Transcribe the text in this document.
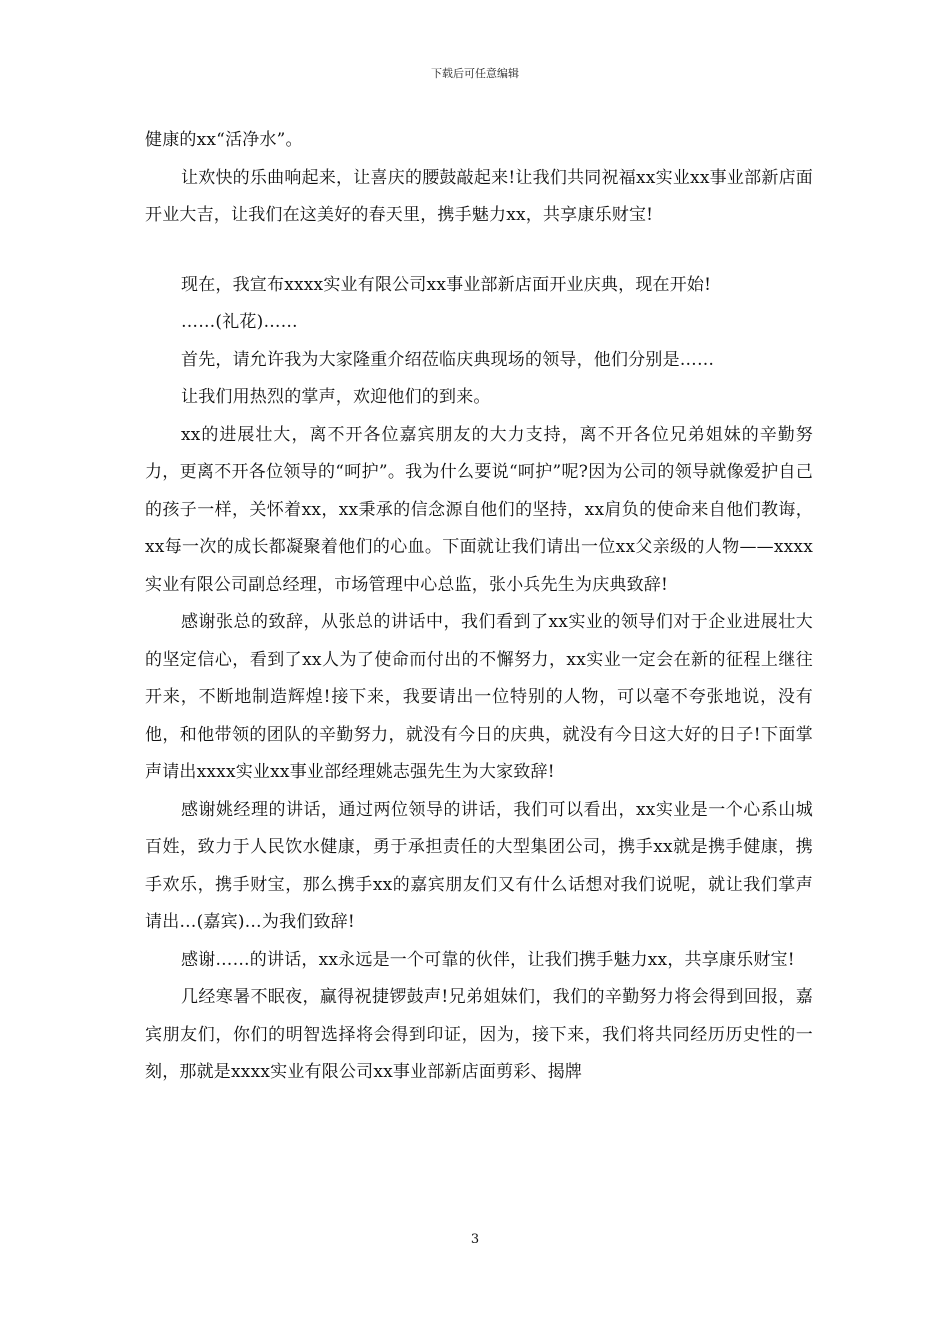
下载后可任意编辑

健康的xx“活净水”。

让欢快的乐曲响起来，让喜庆的腰鼓敲起来!让我们共同祝福xx实业xx事业部新店面开业大吉，让我们在这美好的春天里，携手魅力xx，共享康乐财宝!

现在，我宣布xxxx实业有限公司xx事业部新店面开业庆典，现在开始!

……(礼花)……

首先，请允许我为大家隆重介绍莅临庆典现场的领导，他们分别是……

让我们用热烈的掌声，欢迎他们的到来。

xx的进展壮大，离不开各位嘉宾朋友的大力支持，离不开各位兄弟姐妹的辛勤努力，更离不开各位领导的“呵护”。我为什么要说“呵护”呢?因为公司的领导就像爱护自己的孩子一样，关怀着xx，xx秉承的信念源自他们的坚持，xx肩负的使命来自他们教诲，xx每一次的成长都凝聚着他们的心血。下面就让我们请出一位xx父亲级的人物——xxxx实业有限公司副总经理，市场管理中心总监，张小兵先生为庆典致辞!

感谢张总的致辞，从张总的讲话中，我们看到了xx实业的领导们对于企业进展壮大的坚定信心，看到了xx人为了使命而付出的不懈努力，xx实业一定会在新的征程上继往开来，不断地制造辉煌!接下来，我要请出一位特别的人物，可以毫不夸张地说，没有他，和他带领的团队的辛勤努力，就没有今日的庆典，就没有今日这大好的日子!下面掌声请出xxxx实业xx事业部经理姚志强先生为大家致辞!

感谢姚经理的讲话，通过两位领导的讲话，我们可以看出，xx实业是一个心系山城百姓，致力于人民饮水健康，勇于承担责任的大型集团公司，携手xx就是携手健康，携手欢乐，携手财宝，那么携手xx的嘉宾朋友们又有什么话想对我们说呢，就让我们掌声请出…(嘉宾)…为我们致辞!

感谢……的讲话，xx永远是一个可靠的伙伴，让我们携手魅力xx，共享康乐财宝!

几经寒暑不眠夜，赢得祝捷锣鼓声!兄弟姐妹们，我们的辛勤努力将会得到回报，嘉宾朋友们，你们的明智选择将会得到印证，因为，接下来，我们将共同经历历史性的一刻，那就是xxxx实业有限公司xx事业部新店面剪彩、揭牌

3
